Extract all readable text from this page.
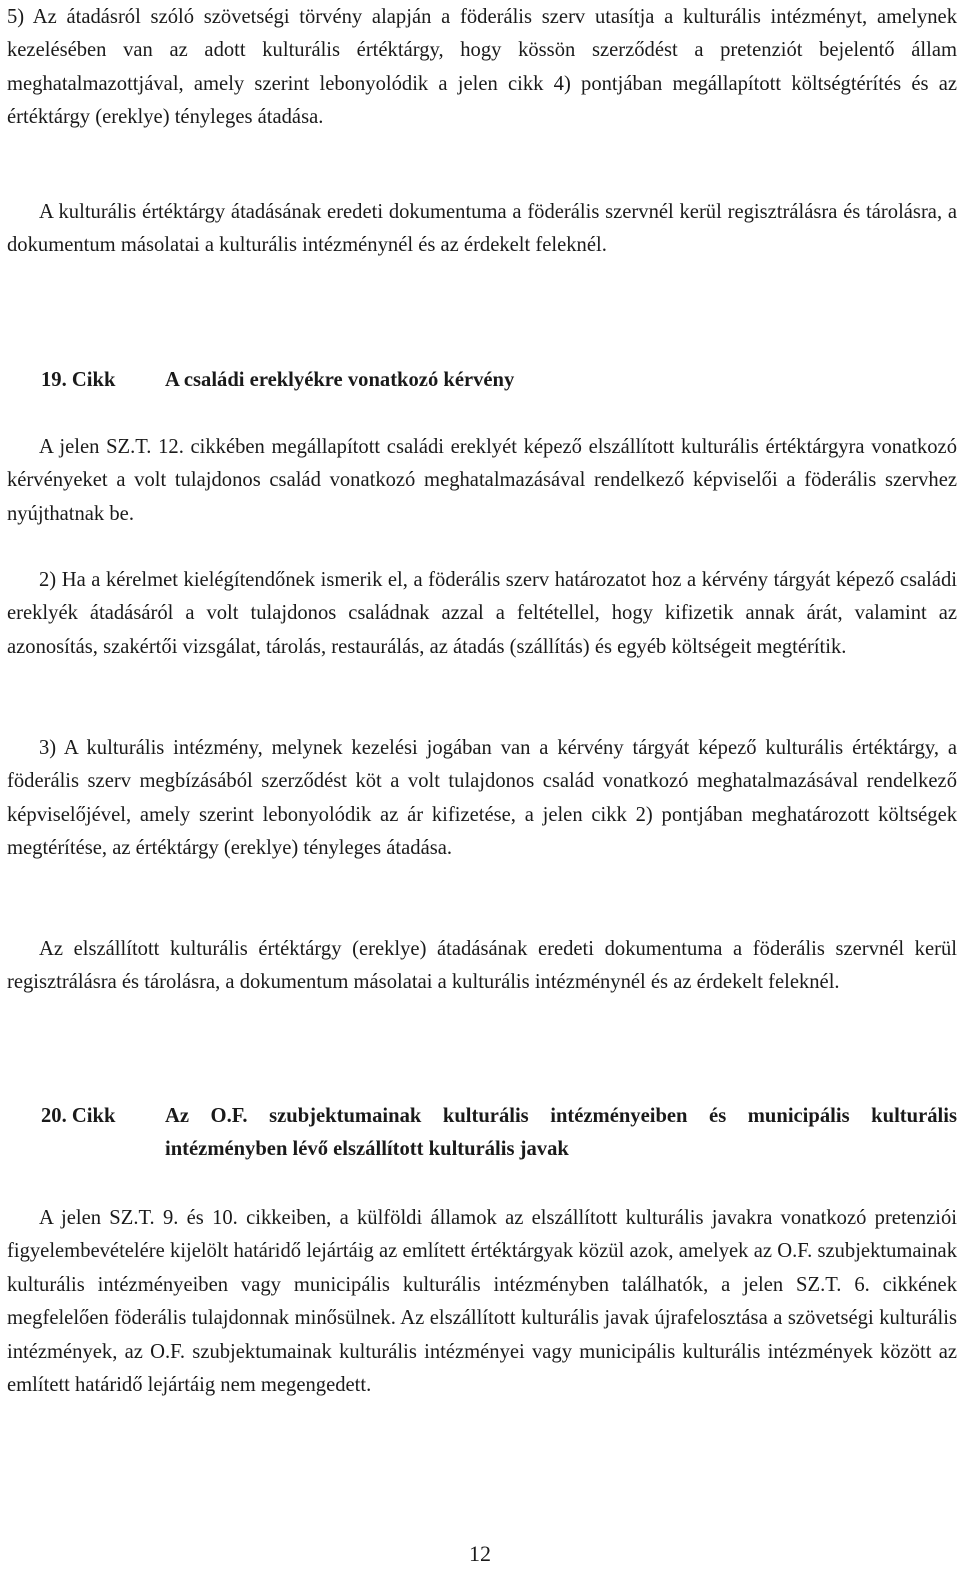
5) Az átadásról szóló szövetségi törvény alapján a föderális szerv utasítja a kulturális intézményt, amelynek kezelésében van az adott kulturális értéktárgy, hogy kössön szerződést a pretenziót bejelentő állam meghatalmazottjával, amely szerint lebonyolódik a jelen cikk 4) pontjában megállapított költségtérítés és az értéktárgy (ereklye) tényleges átadása.

A kulturális értéktárgy átadásának eredeti dokumentuma a föderális szervnél kerül regisztrálásra és tárolásra, a dokumentum másolatai a kulturális intézménynél és az érdekelt feleknél.

19. Cikk A családi ereklyékre vonatkozó kérvény

A jelen SZ.T. 12. cikkében megállapított családi ereklyét képező elszállított kulturális értéktárgyra vonatkozó kérvényeket a volt tulajdonos család vonatkozó meghatalmazásával rendelkező képviselői a föderális szervhez nyújthatnak be.

2) Ha a kérelmet kielégítendőnek ismerik el, a föderális szerv határozatot hoz a kérvény tárgyát képező családi ereklyék átadásáról a volt tulajdonos családnak azzal a feltétellel, hogy kifizetik annak árát, valamint az azonosítás, szakértői vizsgálat, tárolás, restaurálás, az átadás (szállítás) és egyéb költségeit megtérítik.

3) A kulturális intézmény, melynek kezelési jogában van a kérvény tárgyát képező kulturális értéktárgy, a föderális szerv megbízásából szerződést köt a volt tulajdonos család vonatkozó meghatalmazásával rendelkező képviselőjével, amely szerint lebonyolódik az ár kifizetése, a jelen cikk 2) pontjában meghatározott költségek megtérítése, az értéktárgy (ereklye) tényleges átadása.

Az elszállított kulturális értéktárgy (ereklye) átadásának eredeti dokumentuma a föderális szervnél kerül regisztrálásra és tárolásra, a dokumentum másolatai a kulturális intézménynél és az érdekelt feleknél.

20. Cikk Az O.F. szubjektumainak kulturális intézményeiben és municipális kulturális intézményben lévő elszállított kulturális javak

A jelen SZ.T. 9. és 10. cikkeiben, a külföldi államok az elszállított kulturális javakra vonatkozó pretenziói figyelembevételére kijelölt határidő lejártáig az említett értéktárgyak közül azok, amelyek az O.F. szubjektumainak kulturális intézményeiben vagy municipális kulturális intézményben találhatók, a jelen SZ.T. 6. cikkének megfelelően föderális tulajdonnak minősülnek. Az elszállított kulturális javak újrafelosztása a szövetségi kulturális intézmények, az O.F. szubjektumainak kulturális intézményei vagy municipális kulturális intézmények között az említett határidő lejártáig nem megengedett.

12
